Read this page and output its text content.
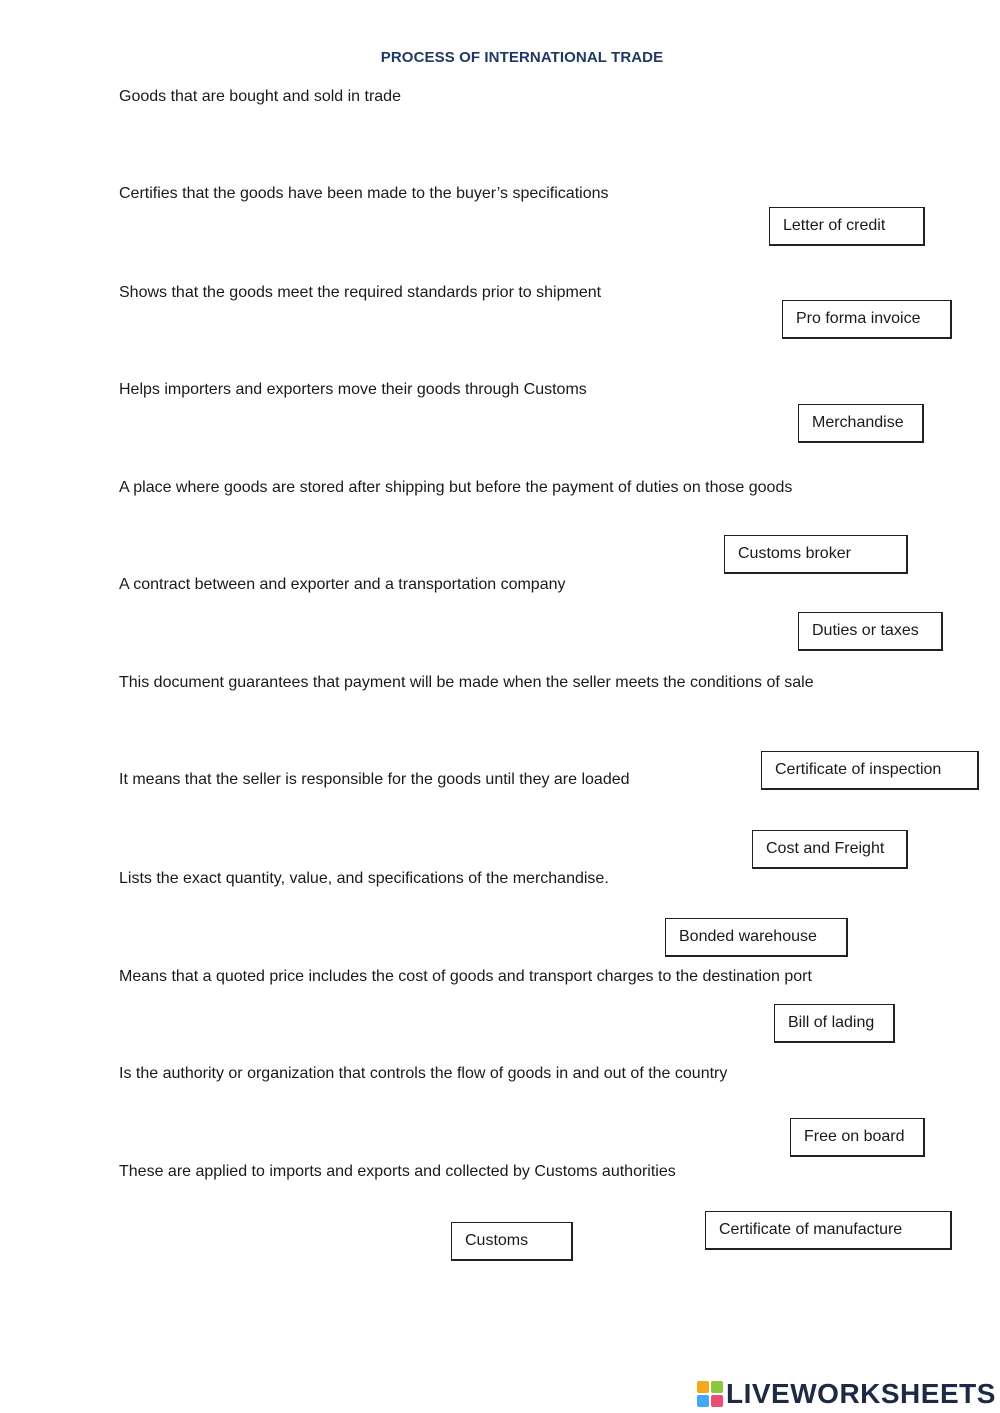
PROCESS OF INTERNATIONAL TRADE
Goods that are bought and sold in trade
Certifies that the goods have been made to the buyer’s specifications
Shows that the goods meet the required standards prior to shipment
Helps importers and exporters move their goods through Customs
A place where goods are stored after shipping but before the payment of duties on those goods
A contract between and exporter and a transportation company
This document guarantees that payment will be made when the seller meets the conditions of sale
It means that the seller is responsible for the goods until they are loaded
Lists the exact quantity, value, and specifications of the merchandise.
Means that a quoted price includes the cost of goods and transport charges to the destination port
Is the authority or organization that controls the flow of goods in and out of the country
These are applied to imports and exports and collected by Customs authorities
Letter of credit
Pro forma invoice
Merchandise
Customs broker
Duties or taxes
Certificate of inspection
Cost and Freight
Bonded warehouse
Bill of lading
Free on board
Certificate of manufacture
Customs
LIVEWORKSHEETS
